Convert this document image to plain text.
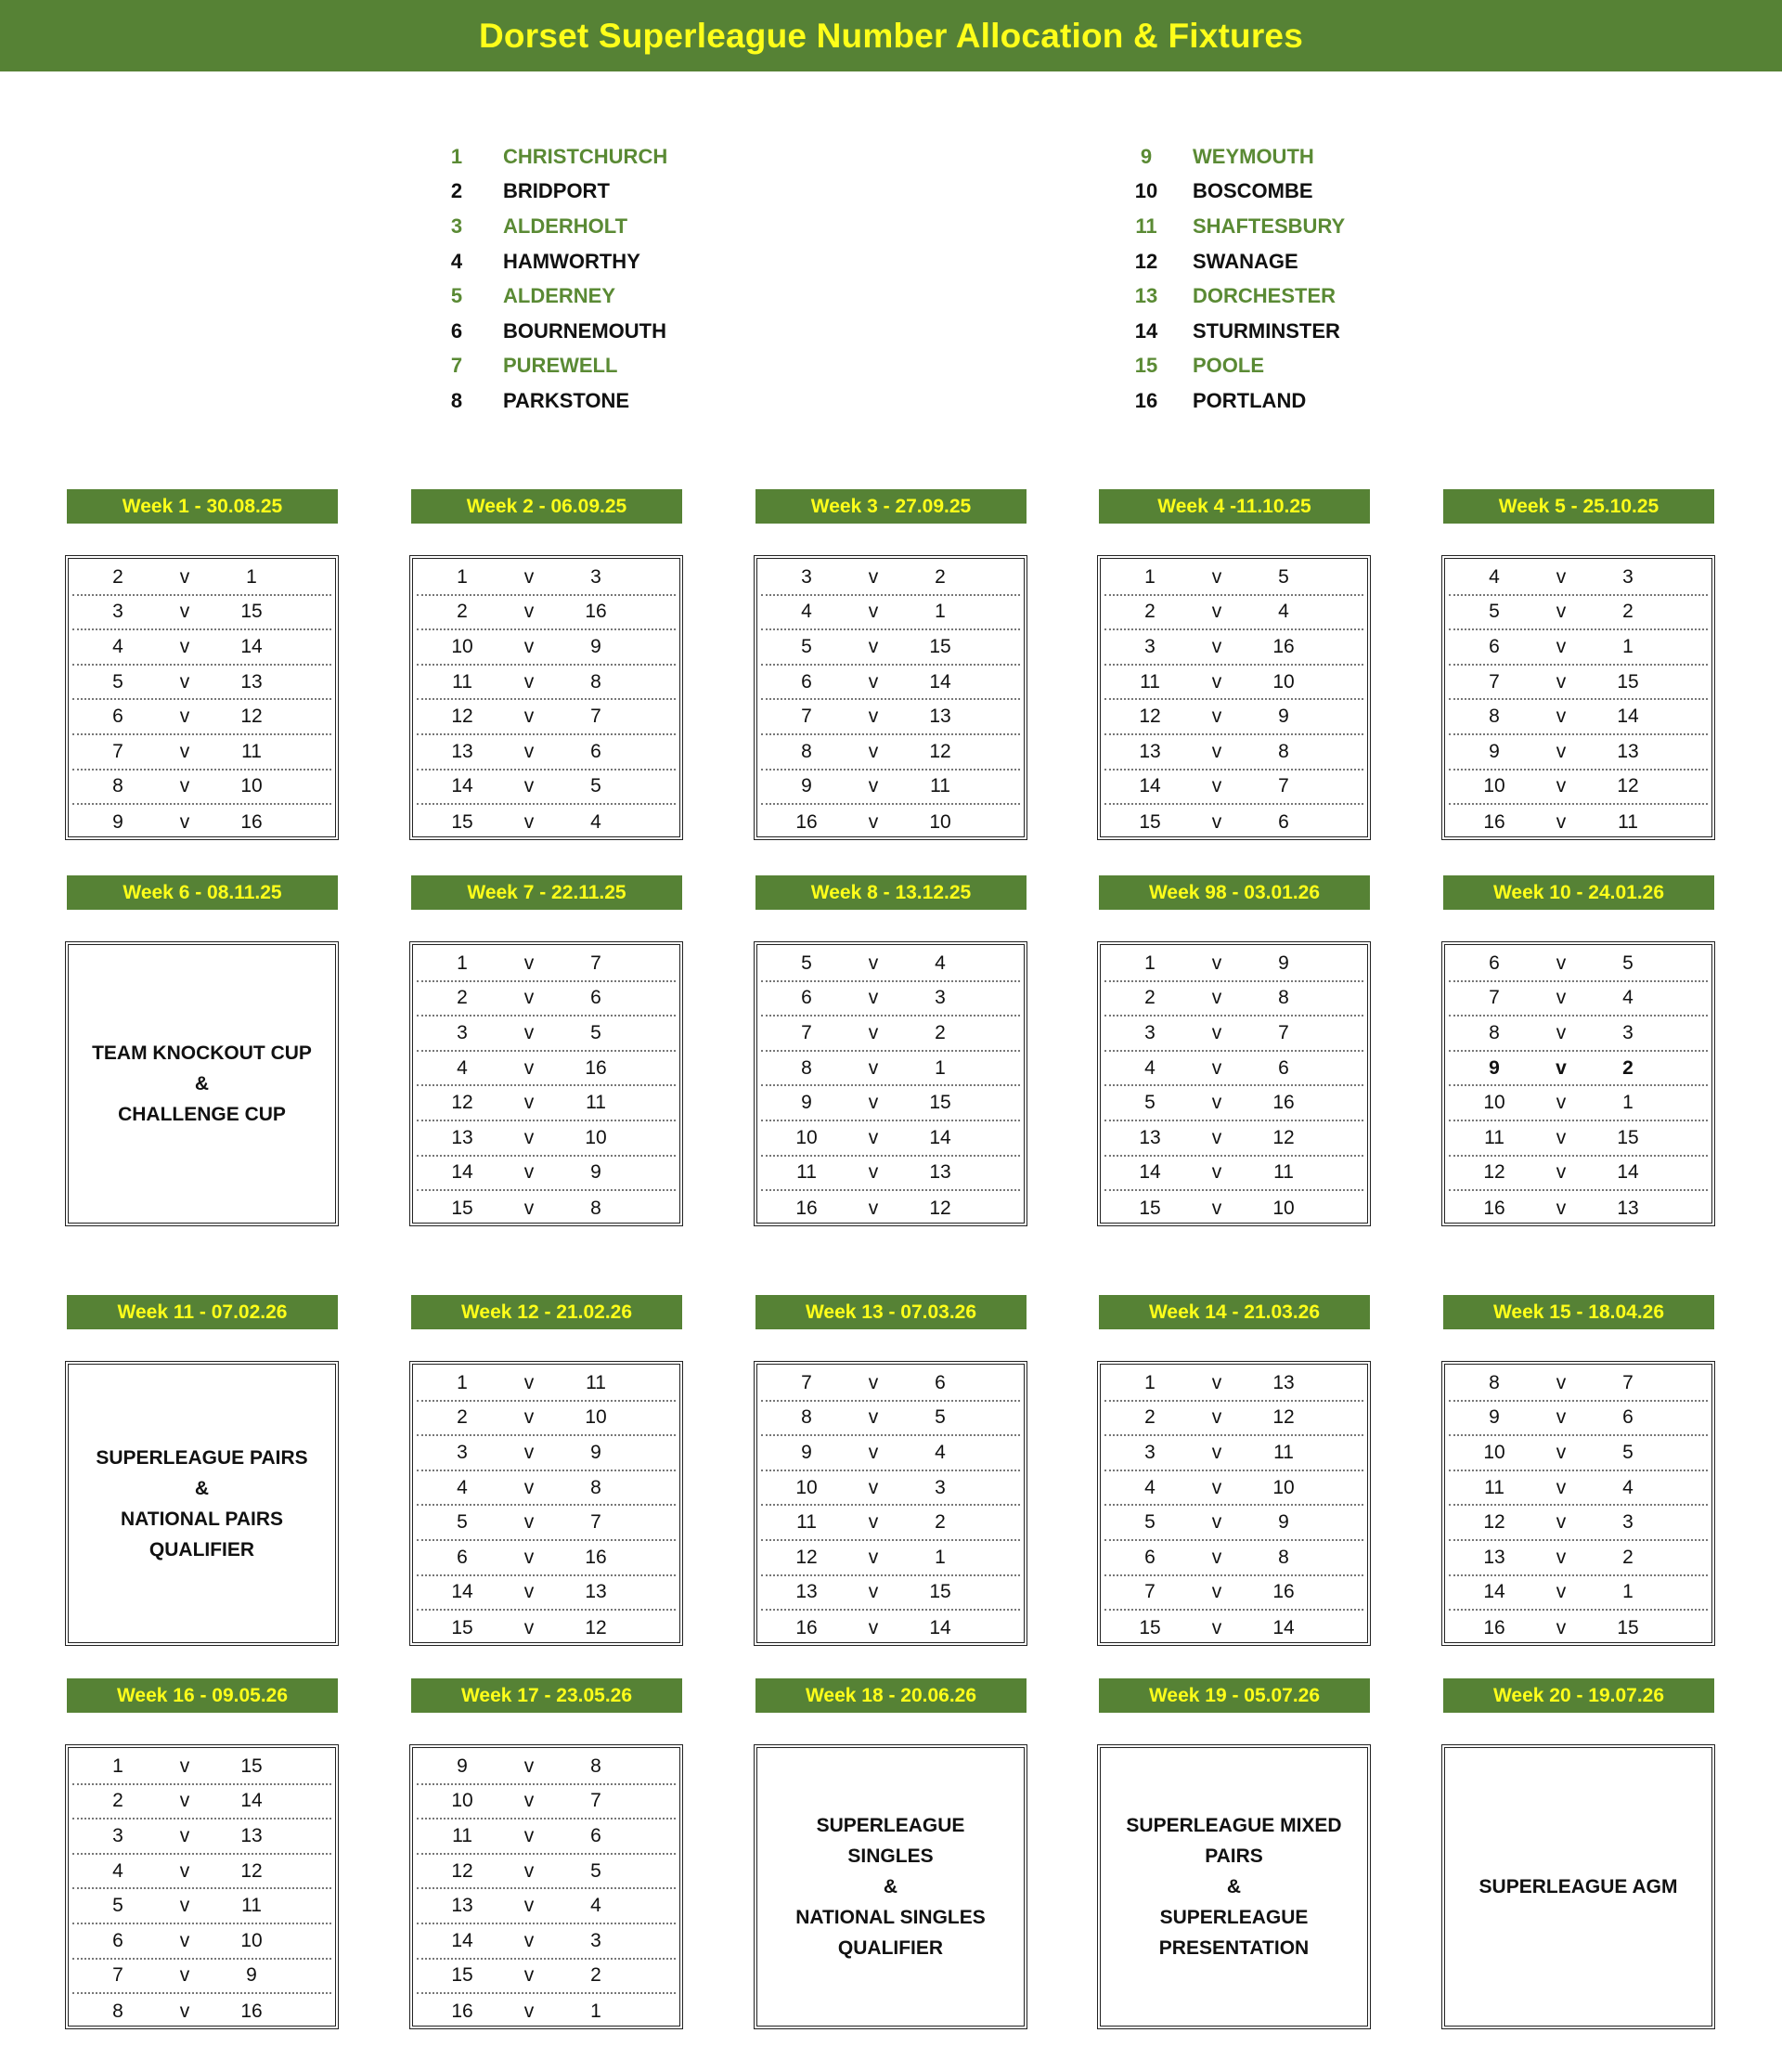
Dorset Superleague Number Allocation & Fixtures
1	CHRISTCHURCH
2	BRIDPORT
3	ALDERHOLT
4	HAMWORTHY
5	ALDERNEY
6	BOURNEMOUTH
7	PUREWELL
8	PARKSTONE
9	WEYMOUTH
10	BOSCOMBE
11	SHAFTESBURY
12	SWANAGE
13	DORCHESTER
14	STURMINSTER
15	POOLE
16	PORTLAND
Week 1 - 30.08.25
2	v	1
3	v	15
4	v	14
5	v	13
6	v	12
7	v	11
8	v	10
9	v	16
Week 2 - 06.09.25
1	v	3
2	v	16
10	v	9
11	v	8
12	v	7
13	v	6
14	v	5
15	v	4
Week 3 - 27.09.25
3	v	2
4	v	1
5	v	15
6	v	14
7	v	13
8	v	12
9	v	11
16	v	10
Week 4 -11.10.25
1	v	5
2	v	4
3	v	16
11	v	10
12	v	9
13	v	8
14	v	7
15	v	6
Week 5 - 25.10.25
4	v	3
5	v	2
6	v	1
7	v	15
8	v	14
9	v	13
10	v	12
16	v	11
Week 6 - 08.11.25
TEAM KNOCKOUT CUP
&
CHALLENGE CUP
Week 7 - 22.11.25
1	v	7
2	v	6
3	v	5
4	v	16
12	v	11
13	v	10
14	v	9
15	v	8
Week 8 - 13.12.25
5	v	4
6	v	3
7	v	2
8	v	1
9	v	15
10	v	14
11	v	13
16	v	12
Week 98 - 03.01.26
1	v	9
2	v	8
3	v	7
4	v	6
5	v	16
13	v	12
14	v	11
15	v	10
Week 10 - 24.01.26
6	v	5
7	v	4
8	v	3
9	v	2
10	v	1
11	v	15
12	v	14
16	v	13
Week 11 - 07.02.26
SUPERLEAGUE PAIRS
&
NATIONAL PAIRS QUALIFIER
Week 12 - 21.02.26
1	v	11
2	v	10
3	v	9
4	v	8
5	v	7
6	v	16
14	v	13
15	v	12
Week 13 - 07.03.26
7	v	6
8	v	5
9	v	4
10	v	3
11	v	2
12	v	1
13	v	15
16	v	14
Week 14 - 21.03.26
1	v	13
2	v	12
3	v	11
4	v	10
5	v	9
6	v	8
7	v	16
15	v	14
Week 15 - 18.04.26
8	v	7
9	v	6
10	v	5
11	v	4
12	v	3
13	v	2
14	v	1
16	v	15
Week 16 - 09.05.26
1	v	15
2	v	14
3	v	13
4	v	12
5	v	11
6	v	10
7	v	9
8	v	16
Week 17 - 23.05.26
9	v	8
10	v	7
11	v	6
12	v	5
13	v	4
14	v	3
15	v	2
16	v	1
Week 18 - 20.06.26
SUPERLEAGUE SINGLES
&
NATIONAL SINGLES QUALIFIER
Week 19 - 05.07.26
SUPERLEAGUE MIXED PAIRS
&
SUPERLEAGUE PRESENTATION
Week 20 - 19.07.26
SUPERLEAGUE AGM
